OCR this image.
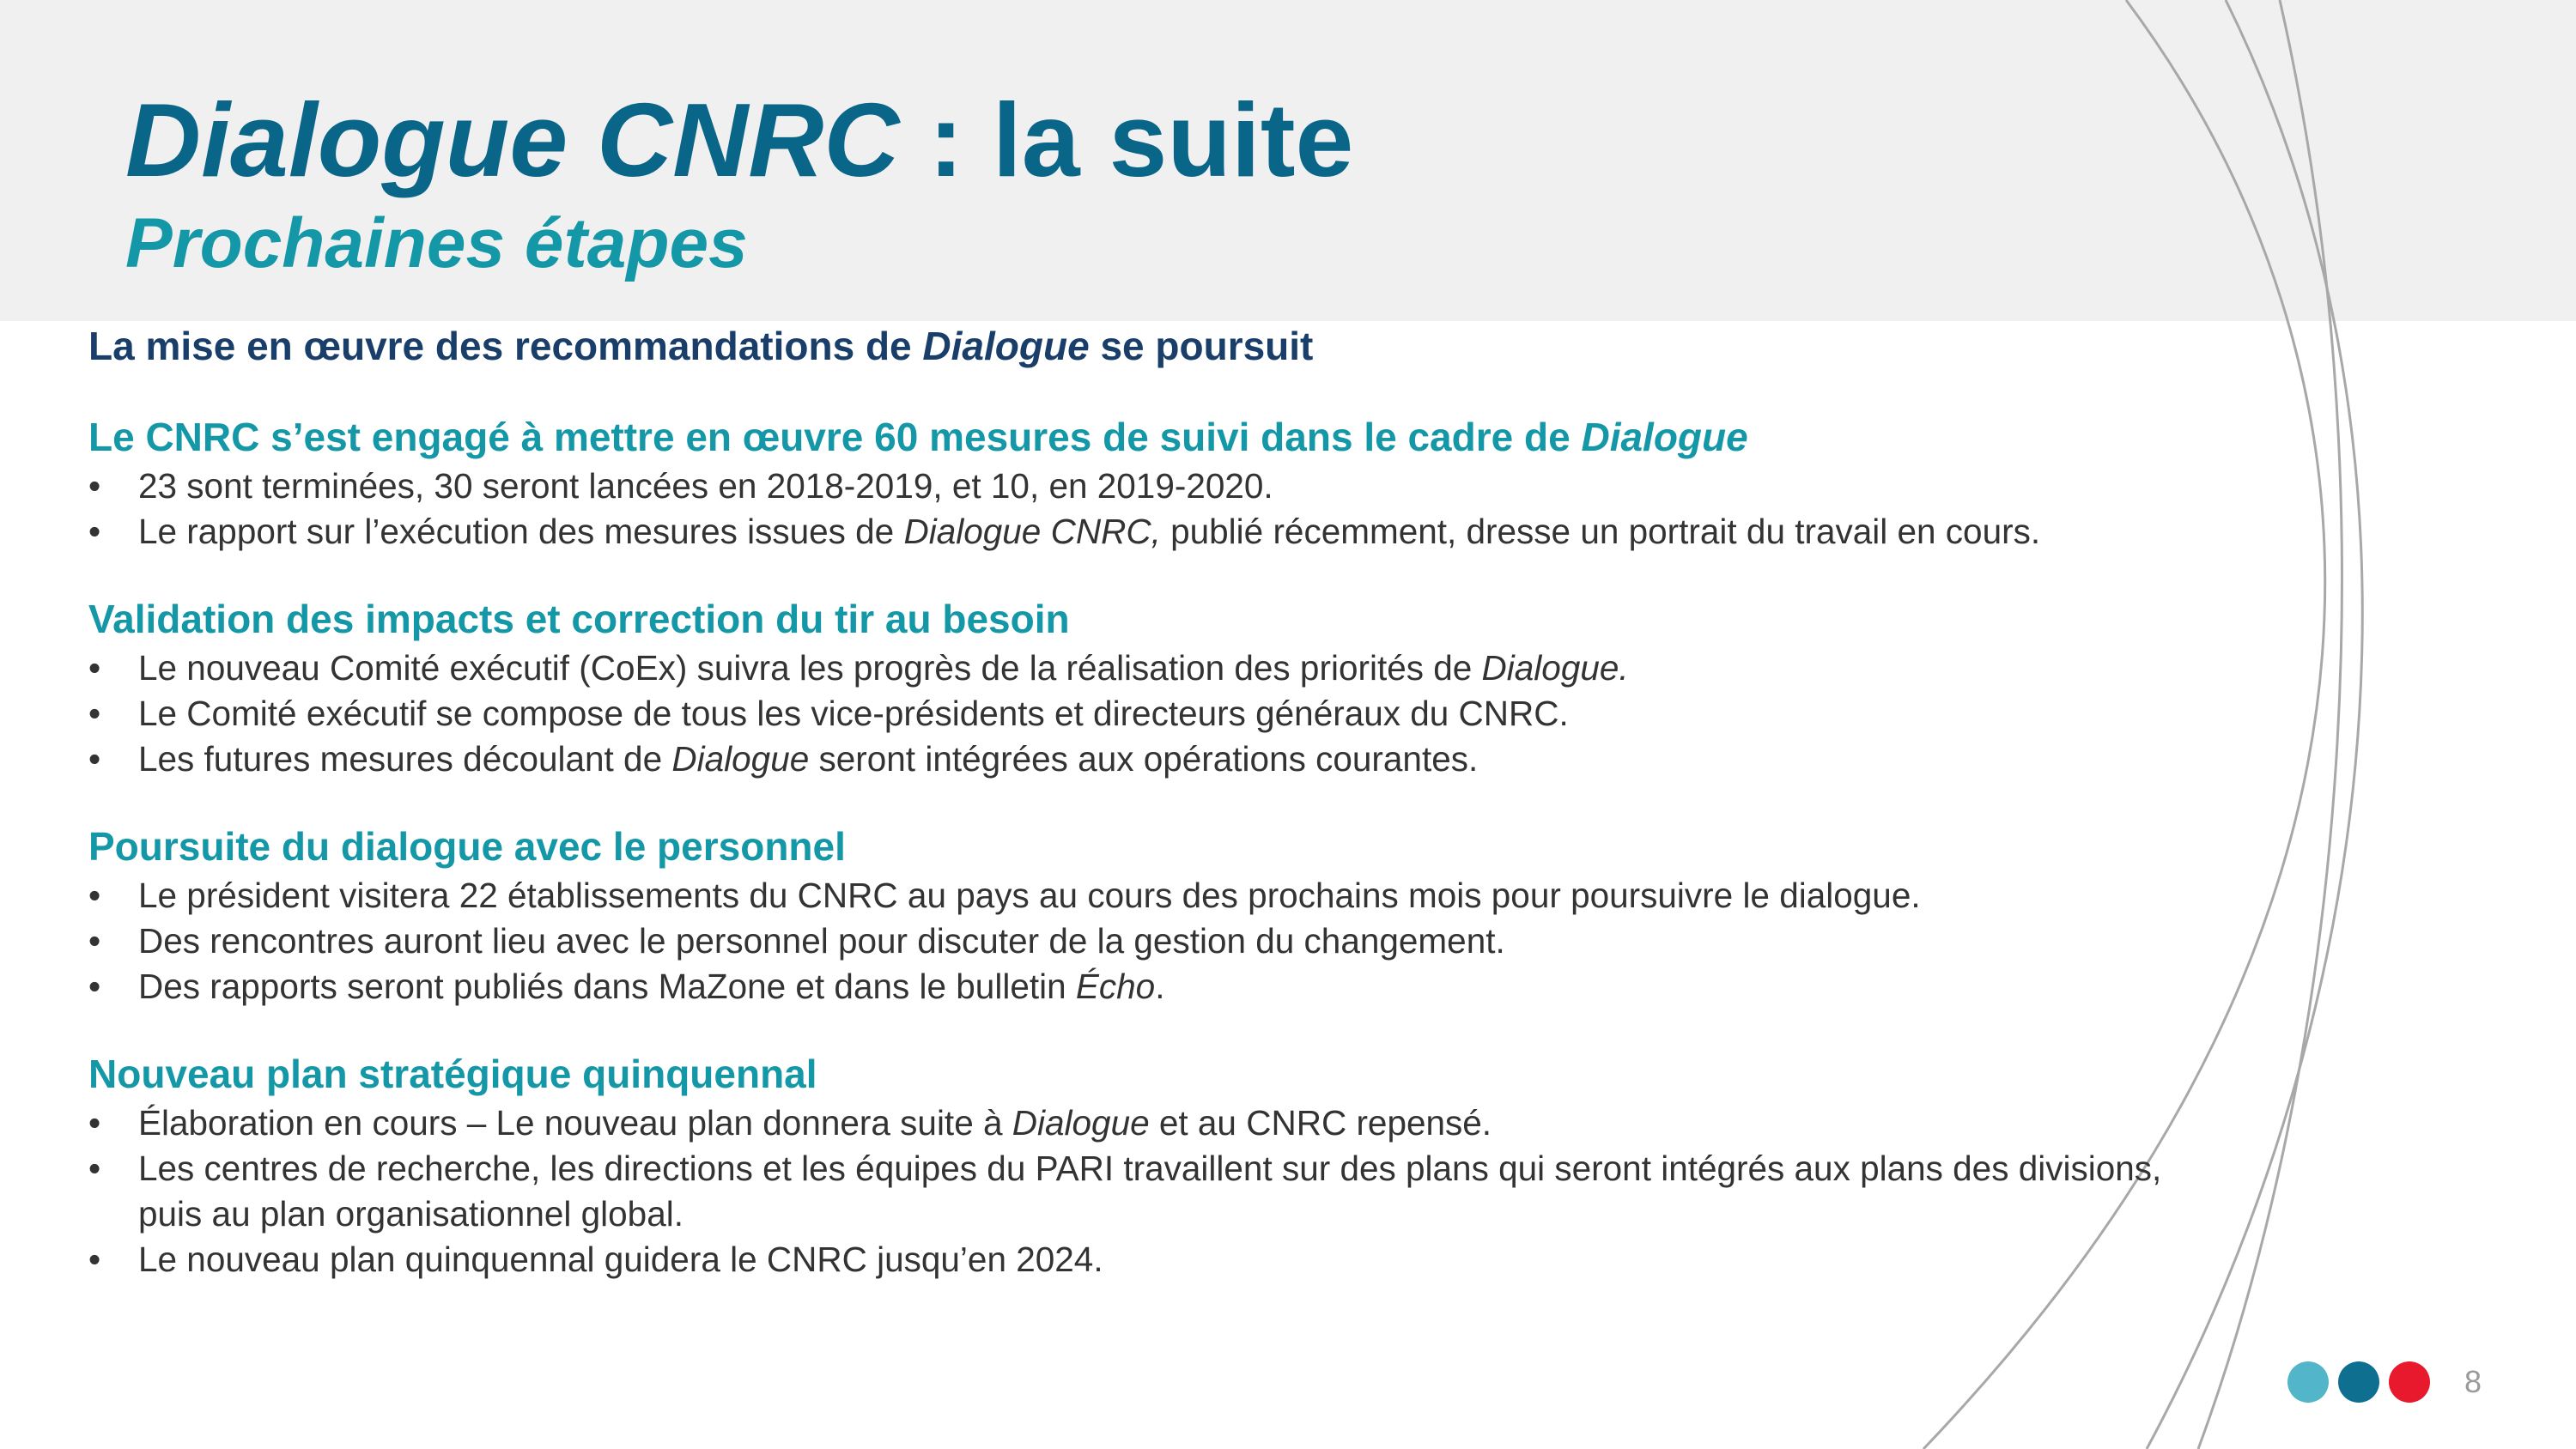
Dialogue CNRC : la suite
Prochaines étapes

La mise en œuvre des recommandations de Dialogue se poursuit

Le CNRC s’est engagé à mettre en œuvre 60 mesures de suivi dans le cadre de Dialogue
• 23 sont terminées, 30 seront lancées en 2018-2019, et 10, en 2019-2020.
• Le rapport sur l’exécution des mesures issues de Dialogue CNRC, publié récemment, dresse un portrait du travail en cours.
Validation des impacts et correction du tir au besoin
• Le nouveau Comité exécutif (CoEx) suivra les progrès de la réalisation des priorités de Dialogue.
• Le Comité exécutif se compose de tous les vice-présidents et directeurs généraux du CNRC.
• Les futures mesures découlant de Dialogue seront intégrées aux opérations courantes.
Poursuite du dialogue avec le personnel
• Le président visitera 22 établissements du CNRC au pays au cours des prochains mois pour poursuivre le dialogue.
• Des rencontres auront lieu avec le personnel pour discuter de la gestion du changement.
• Des rapports seront publiés dans MaZone et dans le bulletin Écho.
Nouveau plan stratégique quinquennal
• Élaboration en cours – Le nouveau plan donnera suite à Dialogue et au CNRC repensé.
• Les centres de recherche, les directions et les équipes du PARI travaillent sur des plans qui seront intégrés aux plans des divisions, puis au plan organisationnel global.
• Le nouveau plan quinquennal guidera le CNRC jusqu’en 2024.
8
